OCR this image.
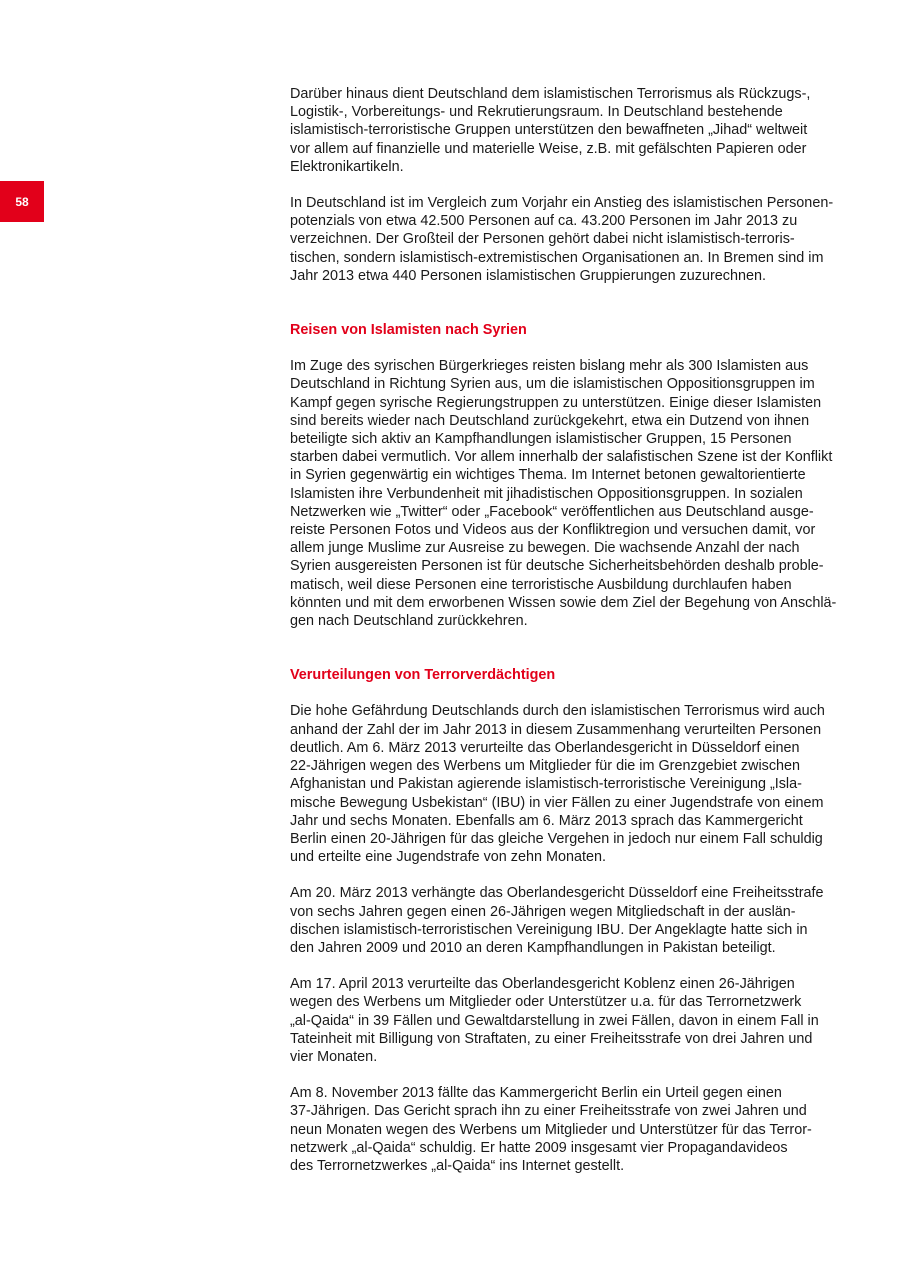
58

Darüber hinaus dient Deutschland dem islamistischen Terrorismus als Rückzugs-,
Logistik-, Vorbereitungs- und Rekrutierungsraum. In Deutschland bestehende
islamistisch-terroristische Gruppen unterstützen den bewaffneten „Jihad“ weltweit
vor allem auf finanzielle und materielle Weise, z.B. mit gefälschten Papieren oder
Elektronikartikeln.

In Deutschland ist im Vergleich zum Vorjahr ein Anstieg des islamistischen Personen-
potenzials von etwa 42.500 Personen auf ca. 43.200 Personen im Jahr 2013 zu
verzeichnen. Der Großteil der Personen gehört dabei nicht islamistisch-terroris-
tischen, sondern islamistisch-extremistischen Organisationen an. In Bremen sind im
Jahr 2013 etwa 440 Personen islamistischen Gruppierungen zuzurechnen.

Reisen von Islamisten nach Syrien

Im Zuge des syrischen Bürgerkrieges reisten bislang mehr als 300 Islamisten aus
Deutschland in Richtung Syrien aus, um die islamistischen Oppositionsgruppen im
Kampf gegen syrische Regierungstruppen zu unterstützen. Einige dieser Islamisten
sind bereits wieder nach Deutschland zurückgekehrt, etwa ein Dutzend von ihnen
beteiligte sich aktiv an Kampfhandlungen islamistischer Gruppen, 15 Personen
starben dabei vermutlich. Vor allem innerhalb der salafistischen Szene ist der Konflikt
in Syrien gegenwärtig ein wichtiges Thema. Im Internet betonen gewaltorientierte
Islamisten ihre Verbundenheit mit jihadistischen Oppositionsgruppen. In sozialen
Netzwerken wie „Twitter“ oder „Facebook“ veröffentlichen aus Deutschland ausge-
reiste Personen Fotos und Videos aus der Konfliktregion und versuchen damit, vor
allem junge Muslime zur Ausreise zu bewegen. Die wachsende Anzahl der nach
Syrien ausgereisten Personen ist für deutsche Sicherheitsbehörden deshalb proble-
matisch, weil diese Personen eine terroristische Ausbildung durchlaufen haben
könnten und mit dem erworbenen Wissen sowie dem Ziel der Begehung von Anschlä-
gen nach Deutschland zurückkehren.

Verurteilungen von Terrorverdächtigen

Die hohe Gefährdung Deutschlands durch den islamistischen Terrorismus wird auch
anhand der Zahl der im Jahr 2013 in diesem Zusammenhang verurteilten Personen
deutlich. Am 6. März 2013 verurteilte das Oberlandesgericht in Düsseldorf einen
22-Jährigen wegen des Werbens um Mitglieder für die im Grenzgebiet zwischen
Afghanistan und Pakistan agierende islamistisch-terroristische Vereinigung „Isla-
mische Bewegung Usbekistan“ (IBU) in vier Fällen zu einer Jugendstrafe von einem
Jahr und sechs Monaten. Ebenfalls am 6. März 2013 sprach das Kammergericht
Berlin einen 20-Jährigen für das gleiche Vergehen in jedoch nur einem Fall schuldig
und erteilte eine Jugendstrafe von zehn Monaten.

Am 20. März 2013 verhängte das Oberlandesgericht Düsseldorf eine Freiheitsstrafe
von sechs Jahren gegen einen 26-Jährigen wegen Mitgliedschaft in der auslän-
dischen islamistisch-terroristischen Vereinigung IBU. Der Angeklagte hatte sich in
den Jahren 2009 und 2010 an deren Kampfhandlungen in Pakistan beteiligt.

Am 17. April 2013 verurteilte das Oberlandesgericht Koblenz einen 26-Jährigen
wegen des Werbens um Mitglieder oder Unterstützer u.a. für das Terrornetzwerk
„al-Qaida“ in 39 Fällen und Gewaltdarstellung in zwei Fällen, davon in einem Fall in
Tateinheit mit Billigung von Straftaten, zu einer Freiheitsstrafe von drei Jahren und
vier Monaten.

Am 8. November 2013 fällte das Kammergericht Berlin ein Urteil gegen einen
37-Jährigen. Das Gericht sprach ihn zu einer Freiheitsstrafe von zwei Jahren und
neun Monaten wegen des Werbens um Mitglieder und Unterstützer für das Terror-
netzwerk „al-Qaida“ schuldig. Er hatte 2009 insgesamt vier Propagandavideos
des Terrornetzwerkes „al-Qaida“ ins Internet gestellt.
